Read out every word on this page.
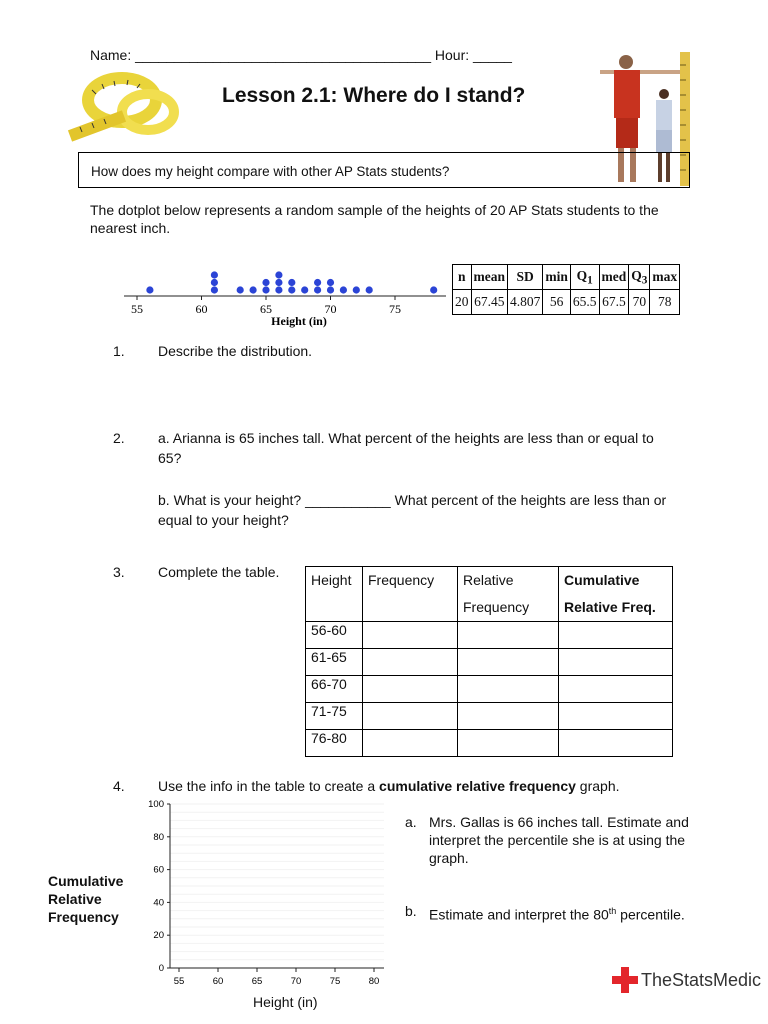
Name: ______________________________________ Hour: _____
Lesson 2.1: Where do I stand?
How does my height compare with other AP Stats students?
The dotplot below represents a random sample of the heights of 20 AP Stats students to the nearest inch.
55	60	65	70	75
Height (in)
n	mean	SD	min	$Q_1$	med	$Q_3$	max
20	67.45	4.807	56	65.5	67.5	70	78
1. Describe the distribution.
2. a. Arianna is 65 inches tall. What percent of the heights are less than or equal to 65?
b. What is your height? ___________ What percent of the heights are less than or equal to your height?
3. Complete the table. Height	Frequency	Relative Frequency	Cumulative Relative Freq.
56-60			
61-65			
66-70			
71-75			
76-80			
4. Use the info in the table to create a cumulative relative frequency graph.
0
20
40
60
80
100
55	60	65	70	75	80
Cumulative
Relative
Frequency
Height (in)
a. Mrs. Gallas is 66 inches tall. Estimate and interpret the percentile she is at using the graph.
b. Estimate and interpret the 80th percentile.
TheStatsMedic
